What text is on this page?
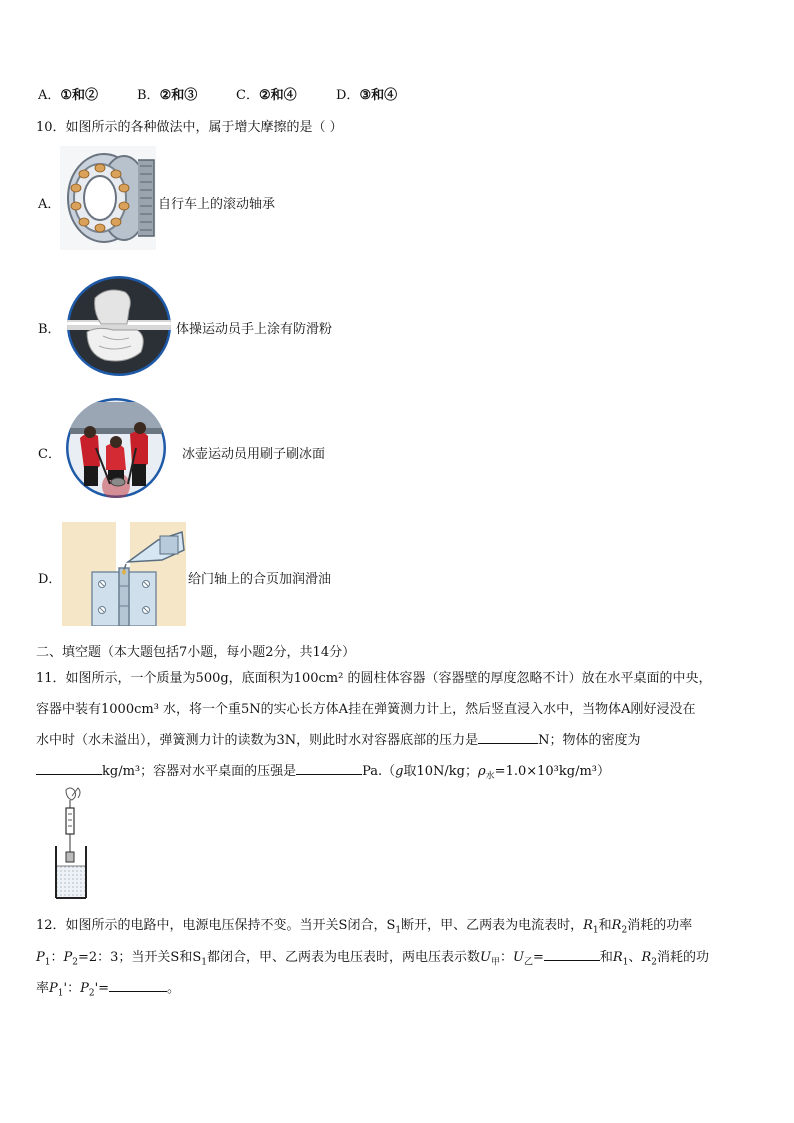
A．①和②	B．②和③	C．②和④	D．③和④
10．如图所示的各种做法中，属于增大摩擦的是（ ）
A．	自行车上的滚动轴承
B．	体操运动员手上涂有防滑粉
C．	冰壶运动员用刷子刷冰面
D．	给门轴上的合页加润滑油
二、填空题（本大题包括7小题，每小题2分，共14分）
11．如图所示，一个质量为500g，底面积为100cm² 的圆柱体容器（容器壁的厚度忽略不计）放在水平桌面的中央，
容器中装有1000cm³ 水，将一个重5N的实心长方体A挂在弹簧测力计上，然后竖直浸入水中，当物体A刚好浸没在
水中时（水未溢出），弹簧测力计的读数为3N，则此时水对容器底部的压力是	N；物体的密度为
kg/m³；容器对水平桌面的压强是	Pa.（g取10N/kg；$\rho_水=1.0\times 10^3kg/m^3$）
12．如图所示的电路中，电源电压保持不变。当开关S闭合，$S_1$断开，甲、乙两表为电流表时，$R_1$和$R_2$消耗的功率
$P_1$：$P_2=2$：3；当开关S和$S_1$都闭合，甲、乙两表为电压表时，两电压表示数$U_甲$：$U_乙=$	和$R_1$、$R_2$消耗的功
率$P_1'$：$P_2'=$	。
